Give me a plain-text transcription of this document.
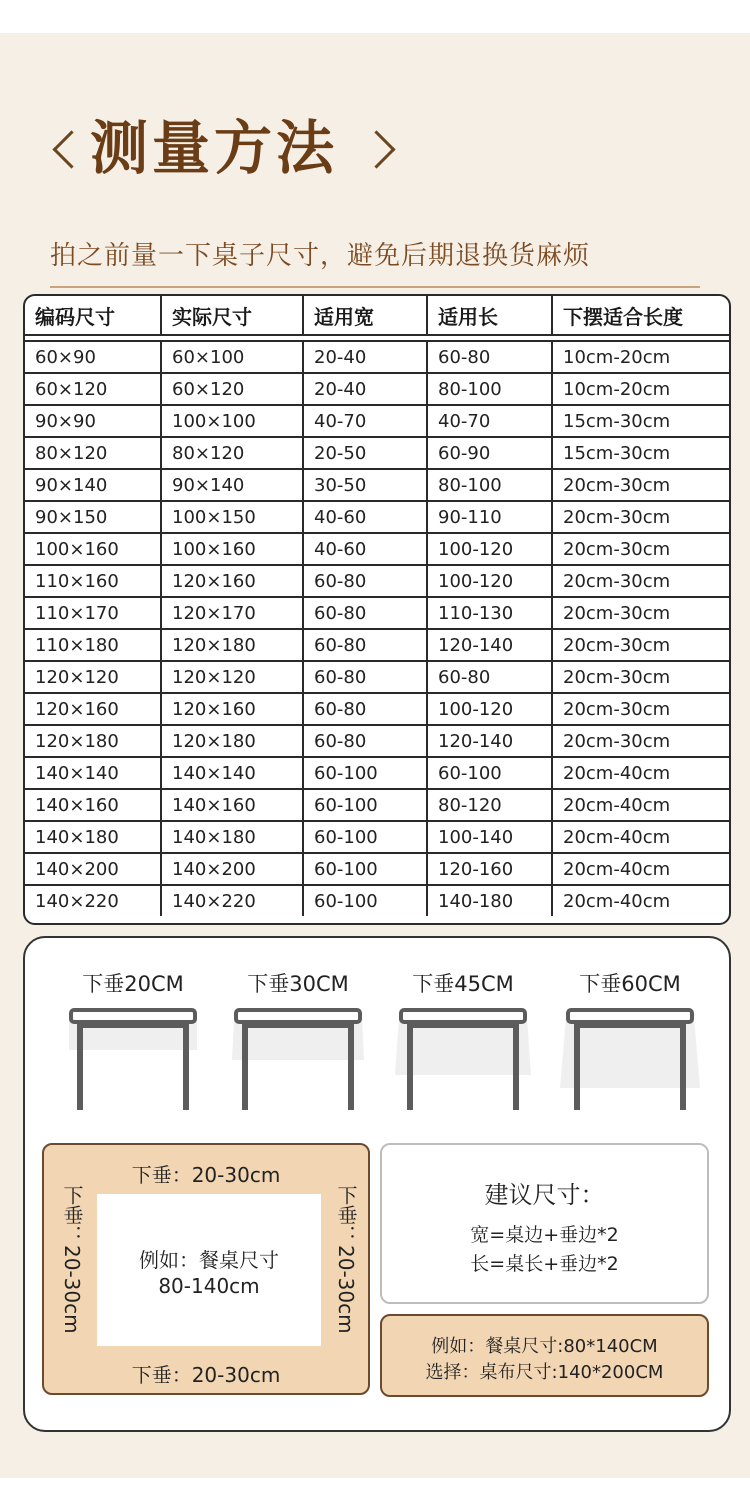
测量方法
拍之前量一下桌子尺寸，避免后期退换货麻烦
编码尺寸	实际尺寸	适用宽	适用长	下摆适合长度

60×90	60×100	20-40	60-80	10cm-20cm
60×120	60×120	20-40	80-100	10cm-20cm
90×90	100×100	40-70	40-70	15cm-30cm
80×120	80×120	20-50	60-90	15cm-30cm
90×140	90×140	30-50	80-100	20cm-30cm
90×150	100×150	40-60	90-110	20cm-30cm
100×160	100×160	40-60	100-120	20cm-30cm
110×160	120×160	60-80	100-120	20cm-30cm
110×170	120×170	60-80	110-130	20cm-30cm
110×180	120×180	60-80	120-140	20cm-30cm
120×120	120×120	60-80	60-80	20cm-30cm
120×160	120×160	60-80	100-120	20cm-30cm
120×180	120×180	60-80	120-140	20cm-30cm
140×140	140×140	60-100	60-100	20cm-40cm
140×160	140×160	60-100	80-120	20cm-40cm
140×180	140×180	60-100	100-140	20cm-40cm
140×200	140×200	60-100	120-160	20cm-40cm
140×220	140×220	60-100	140-180	20cm-40cm
下垂20CM	下垂30CM	下垂45CM	下垂60CM
下垂：20-30cm
下垂：20-30cm	例如：餐桌尺寸
80-140cm	下垂：20-30cm
下垂：20-30cm
建议尺寸：
宽=桌边+垂边*2
长=桌长+垂边*2
例如：餐桌尺寸:80*140CM
选择：桌布尺寸:140*200CM
